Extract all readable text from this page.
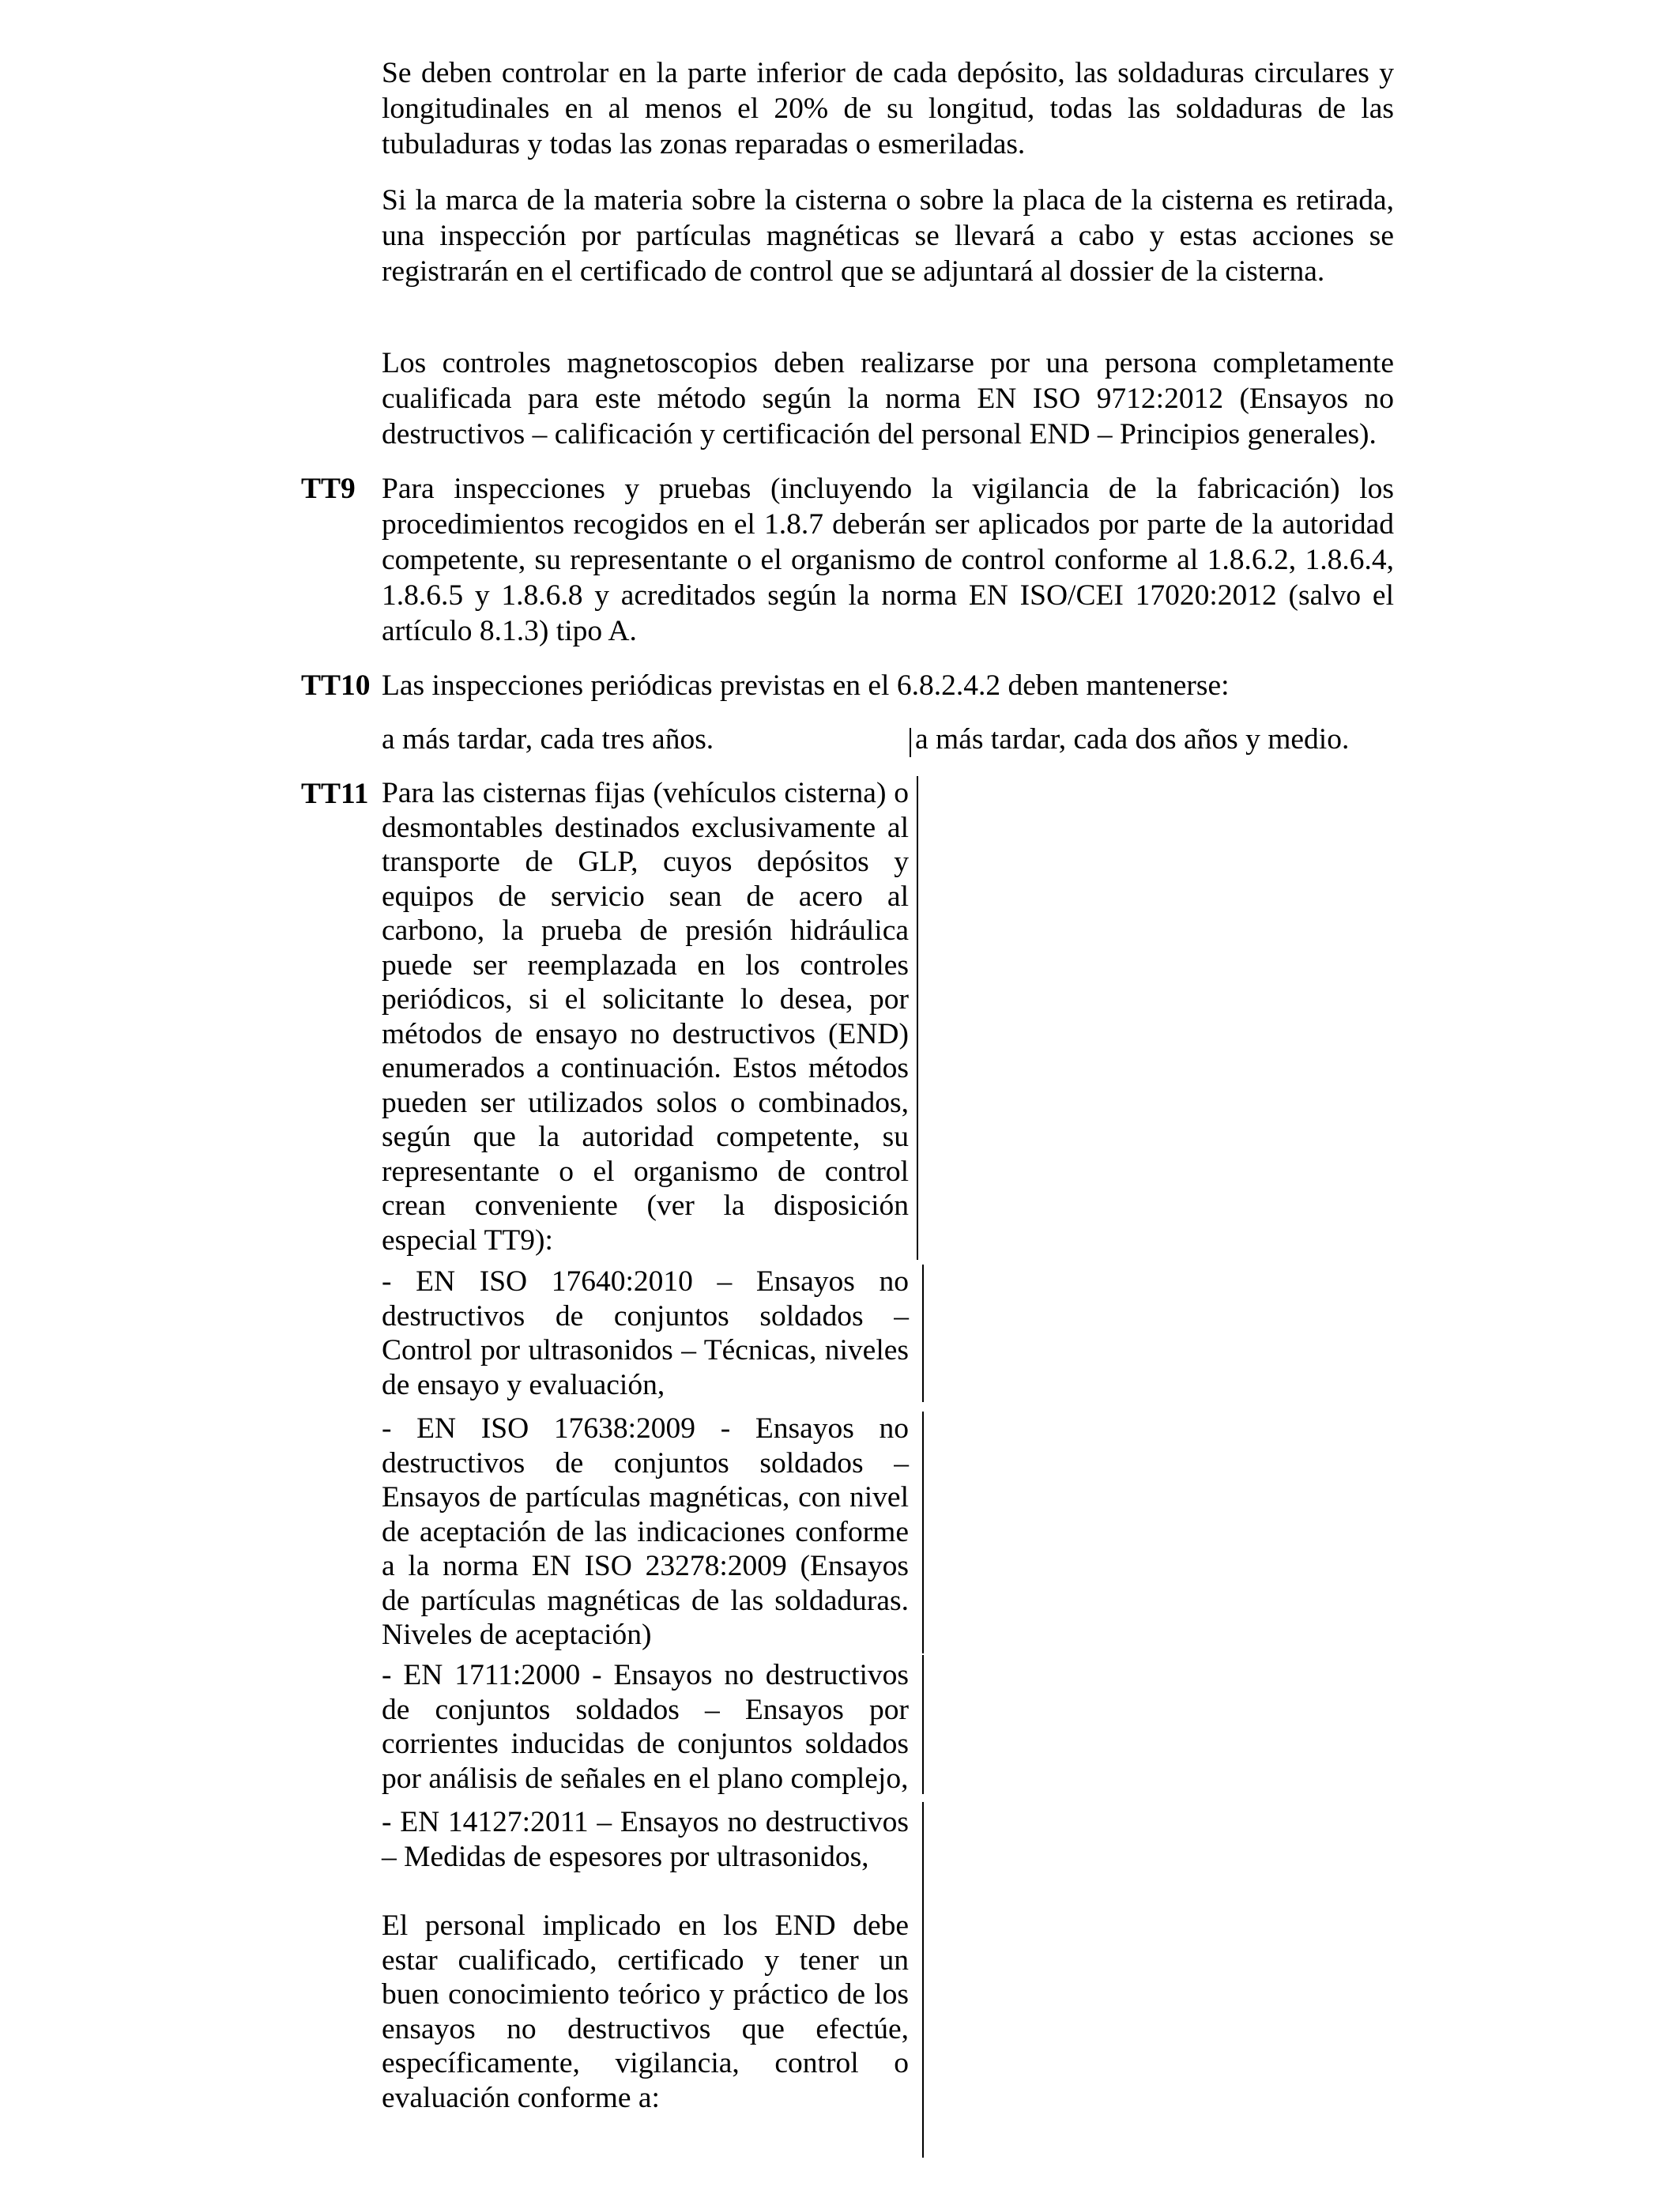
Se deben controlar en la parte inferior de cada depósito, las soldaduras circulares y longitudinales en al menos el 20% de su longitud, todas las soldaduras de las tubuladuras y todas las zonas reparadas o esmeriladas.

Si la marca de la materia sobre la cisterna o sobre la placa de la cisterna es retirada, una inspección por partículas magnéticas se llevará a cabo y estas acciones se registrarán en el certificado de control que se adjuntará al dossier de la cisterna.

Los controles magnetoscopios deben realizarse por una persona completamente cualificada para este método según la norma EN ISO 9712:2012 (Ensayos no destructivos – calificación y certificación del personal END – Principios generales).

TT9 Para inspecciones y pruebas (incluyendo la vigilancia de la fabricación) los procedimientos recogidos en el 1.8.7 deberán ser aplicados por parte de la autoridad competente, su representante o el organismo de control conforme al 1.8.6.2, 1.8.6.4, 1.8.6.5 y 1.8.6.8 y acreditados según la norma EN ISO/CEI 17020:2012 (salvo el artículo 8.1.3) tipo A.

TT10 Las inspecciones periódicas previstas en el 6.8.2.4.2 deben mantenerse:

a más tardar, cada tres años.	a más tardar, cada dos años y medio.
TT11 Para las cisternas fijas (vehículos cisterna) o desmontables destinados exclusivamente al transporte de GLP, cuyos depósitos y equipos de servicio sean de acero al carbono, la prueba de presión hidráulica puede ser reemplazada en los controles periódicos, si el solicitante lo desea, por métodos de ensayo no destructivos (END) enumerados a continuación. Estos métodos pueden ser utilizados solos o combinados, según que la autoridad competente, su representante o el organismo de control crean conveniente (ver la disposición especial TT9):

- EN ISO 17640:2010 – Ensayos no destructivos de conjuntos soldados – Control por ultrasonidos – Técnicas, niveles de ensayo y evaluación,

- EN ISO 17638:2009 - Ensayos no destructivos de conjuntos soldados – Ensayos de partículas magnéticas, con nivel de aceptación de las indicaciones conforme a la norma EN ISO 23278:2009 (Ensayos de partículas magnéticas de las soldaduras. Niveles de aceptación)

- EN 1711:2000 - Ensayos no destructivos de conjuntos soldados – Ensayos por corrientes inducidas de conjuntos soldados por análisis de señales en el plano complejo,

- EN 14127:2011 – Ensayos no destructivos – Medidas de espesores por ultrasonidos,

El personal implicado en los END debe estar cualificado, certificado y tener un buen conocimiento teórico y práctico de los ensayos no destructivos que efectúe, específicamente, vigilancia, control o evaluación conforme a:
